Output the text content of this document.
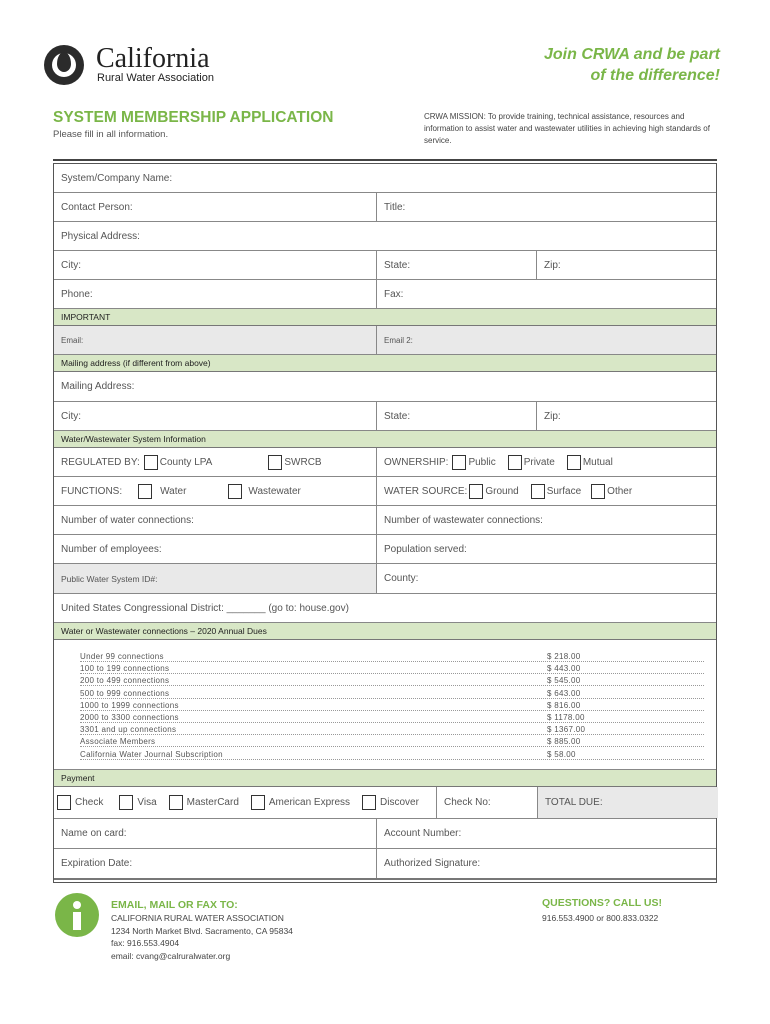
California
Rural Water Association
Join CRWA and be part
of the difference!
SYSTEM MEMBERSHIP APPLICATION
Please fill in all information.
CRWA MISSION: To provide training, technical assistance, resources and information to assist water and wastewater utilities in achieving high standards of service.
System/Company Name:
Contact Person:	Title:
Physical Address:
City:	State:	Zip:
Phone:	Fax:
IMPORTANT
Email:	Email 2:
Mailing address (if different from above)
Mailing Address:
City:	State:	Zip:
Water/Wastewater System Information
REGULATED BY: County LPA	SWRCB	OWNERSHIP: Public	Private	Mutual
FUNCTIONS:	Water	Wastewater	WATER SOURCE: Ground	Surface	Other
Number of water connections:	Number of wastewater connections:
Number of employees:	Population served:
Public Water System ID#:	County:
United States Congressional District: _______ (go to: house.gov)
Water or Wastewater connections – 2020 Annual Dues
Under 99 connections	$ 218.00
100 to 199 connections	$ 443.00
200 to 499 connections	$ 545.00
500 to 999 connections	$ 643.00
1000 to 1999 connections	$ 816.00
2000 to 3300 connections	$ 1178.00
3301 and up connections	$ 1367.00
Associate Members	$ 885.00
California Water Journal Subscription	$ 58.00
Payment
Check	Visa	MasterCard	American Express	Discover	Check No:	TOTAL DUE:
Name on card:	Account Number:
Expiration Date:	Authorized Signature:
EMAIL, MAIL OR FAX TO:
CALIFORNIA RURAL WATER ASSOCIATION
1234 North Market Blvd. Sacramento, CA 95834
fax: 916.553.4904
email: cvang@calruralwater.org
QUESTIONS? CALL US!
916.553.4900 or 800.833.0322
